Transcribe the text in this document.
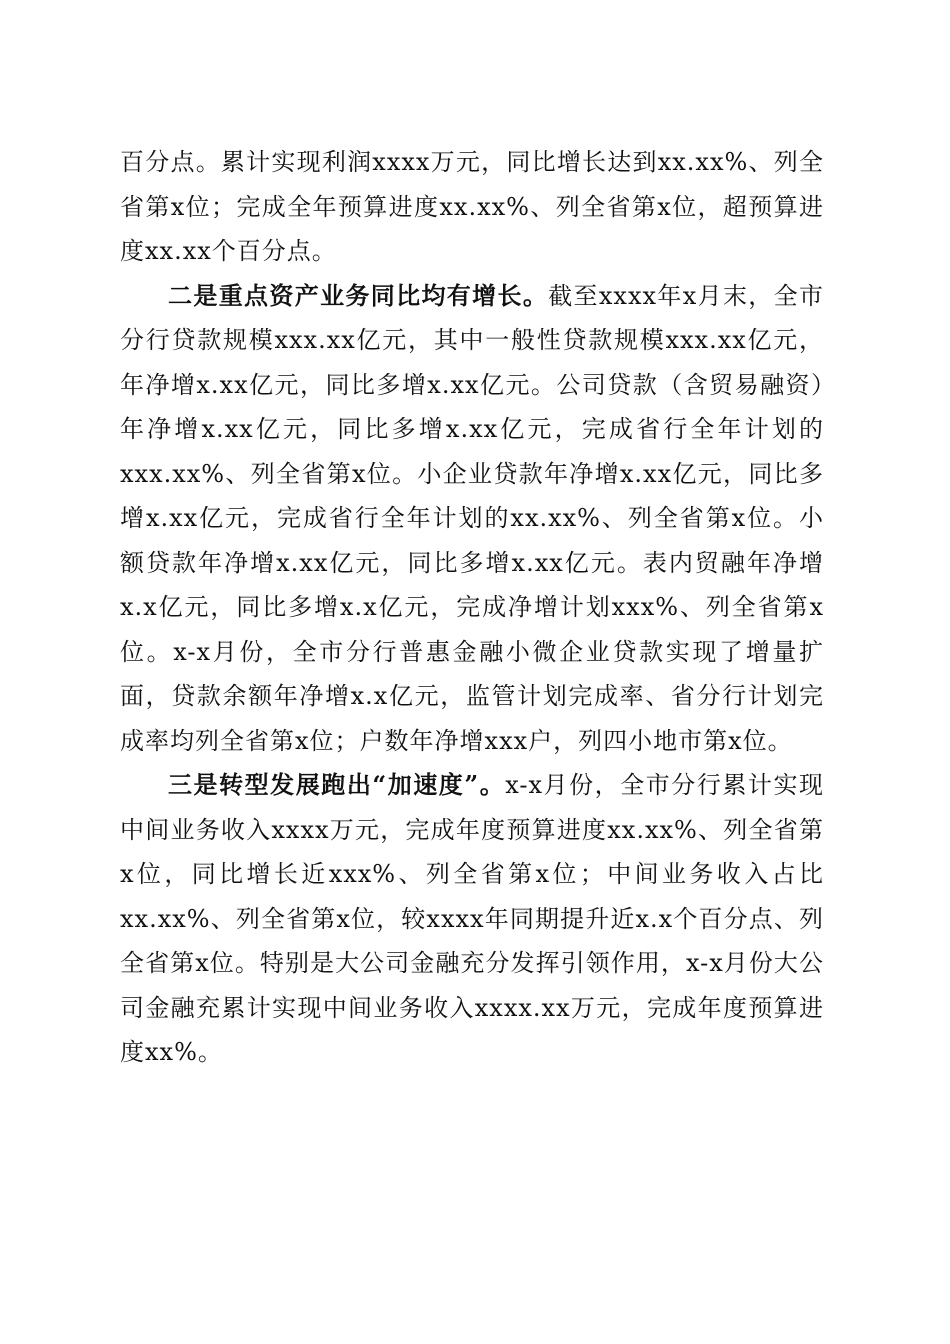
百分点。累计实现利润xxxx万元，同比增长达到xx.xx%、列全省第x位；完成全年预算进度xx.xx%、列全省第x位，超预算进度xx.xx个百分点。

二是重点资产业务同比均有增长。截至xxxx年x月末，全市分行贷款规模xxx.xx亿元，其中一般性贷款规模xxx.xx亿元，年净增x.xx亿元，同比多增x.xx亿元。公司贷款（含贸易融资）年净增x.xx亿元，同比多增x.xx亿元，完成省行全年计划的xxx.xx%、列全省第x位。小企业贷款年净增x.xx亿元，同比多增x.xx亿元，完成省行全年计划的xx.xx%、列全省第x位。小额贷款年净增x.xx亿元，同比多增x.xx亿元。表内贸融年净增x.x亿元，同比多增x.x亿元，完成净增计划xxx%、列全省第x位。x-x月份，全市分行普惠金融小微企业贷款实现了增量扩面，贷款余额年净增x.x亿元，监管计划完成率、省分行计划完成率均列全省第x位；户数年净增xxx户，列四小地市第x位。

三是转型发展跑出“加速度”。x-x月份，全市分行累计实现中间业务收入xxxx万元，完成年度预算进度xx.xx%、列全省第x位，同比增长近xxx%、列全省第x位；中间业务收入占比xx.xx%、列全省第x位，较xxxx年同期提升近x.x个百分点、列全省第x位。特别是大公司金融充分发挥引领作用，x-x月份大公司金融充累计实现中间业务收入xxxx.xx万元，完成年度预算进度xx%。
